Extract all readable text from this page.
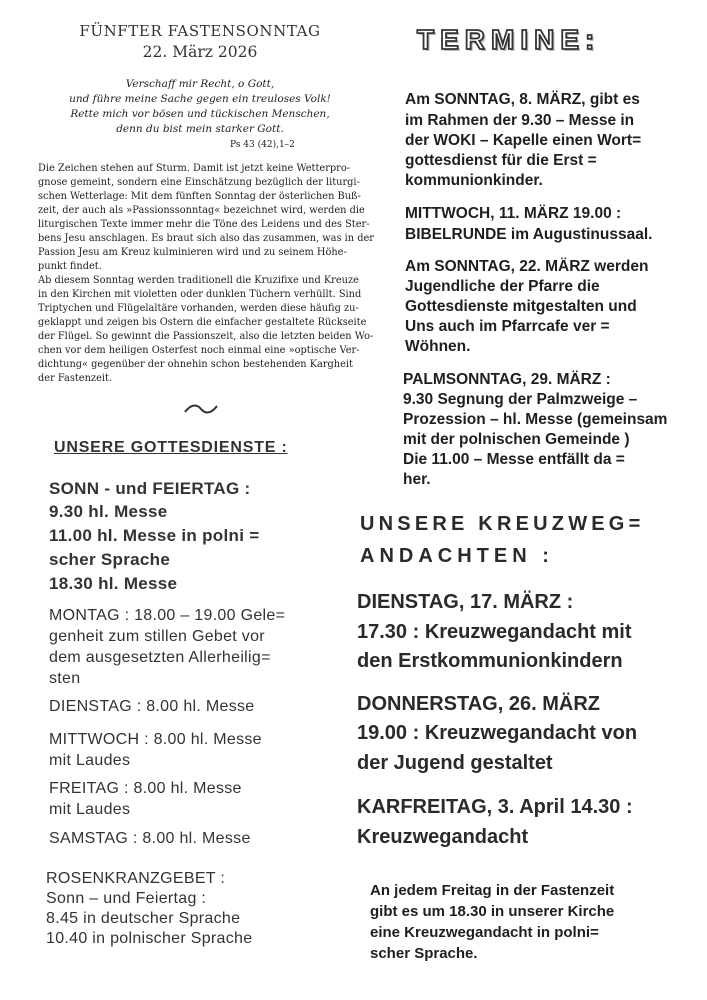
FÜNFTER FASTENSONNTAG
22. März 2026
Verschaff mir Recht, o Gott,
und führe meine Sache gegen ein treuloses Volk!
Rette mich vor bösen und tückischen Menschen,
denn du bist mein starker Gott.
Ps 43 (42),1–2
Die Zeichen stehen auf Sturm. Damit ist jetzt keine Wetterpro-
gnose gemeint, sondern eine Einschätzung bezüglich der liturgi-
schen Wetterlage: Mit dem fünften Sonntag der österlichen Buß-
zeit, der auch als »Passionssonntag« bezeichnet wird, werden die
liturgischen Texte immer mehr die Töne des Leidens und des Ster-
bens Jesu anschlagen. Es braut sich also das zusammen, was in der
Passion Jesu am Kreuz kulminieren wird und zu seinem Höhe-
punkt findet.
Ab diesem Sonntag werden traditionell die Kruzifixe und Kreuze
in den Kirchen mit violetten oder dunklen Tüchern verhüllt. Sind
Triptychen und Flügelaltäre vorhanden, werden diese häufig zu-
geklappt und zeigen bis Ostern die einfacher gestaltete Rückseite
der Flügel. So gewinnt die Passionszeit, also die letzten beiden Wo-
chen vor dem heiligen Osterfest noch einmal eine »optische Ver-
dichtung« gegenüber der ohnehin schon bestehenden Kargheit
der Fastenzeit.
UNSERE GOTTESDIENSTE :
SONN - und FEIERTAG :
9.30 hl. Messe
11.00 hl. Messe in polni =
scher Sprache
18.30 hl. Messe
MONTAG : 18.00 – 19.00 Gele=
genheit zum stillen Gebet vor
dem ausgesetzten Allerheilig=
sten
DIENSTAG : 8.00 hl. Messe
MITTWOCH : 8.00 hl. Messe
mit Laudes
FREITAG : 8.00 hl. Messe
mit Laudes
SAMSTAG : 8.00 hl. Messe
ROSENKRANZGEBET :
Sonn – und Feiertag :
8.45 in deutscher Sprache
10.40 in polnischer Sprache
TERMINE:
Am SONNTAG, 8. MÄRZ, gibt es
im Rahmen der 9.30 – Messe in
der WOKI – Kapelle einen Wort=
gottesdienst für die Erst =
kommunionkinder.
MITTWOCH, 11. MÄRZ 19.00 :
BIBELRUNDE im Augustinussaal.
Am SONNTAG, 22. MÄRZ werden
Jugendliche der Pfarre die
Gottesdienste mitgestalten und
Uns auch im Pfarrcafe ver =
Wöhnen.
PALMSONNTAG, 29. MÄRZ :
9.30 Segnung der Palmzweige –
Prozession – hl. Messe (gemeinsam
mit der polnischen Gemeinde )
Die 11.00 – Messe entfällt da =
her.
UNSERE KREUZWEG=
ANDACHTEN :
DIENSTAG, 17. MÄRZ :
17.30 : Kreuzwegandacht mit
den Erstkommunionkindern
DONNERSTAG, 26. MÄRZ
19.00 : Kreuzwegandacht von
der Jugend gestaltet
KARFREITAG, 3. April 14.30 :
Kreuzwegandacht
An jedem Freitag in der Fastenzeit
gibt es um 18.30 in unserer Kirche
eine Kreuzwegandacht in polni=
scher Sprache.
